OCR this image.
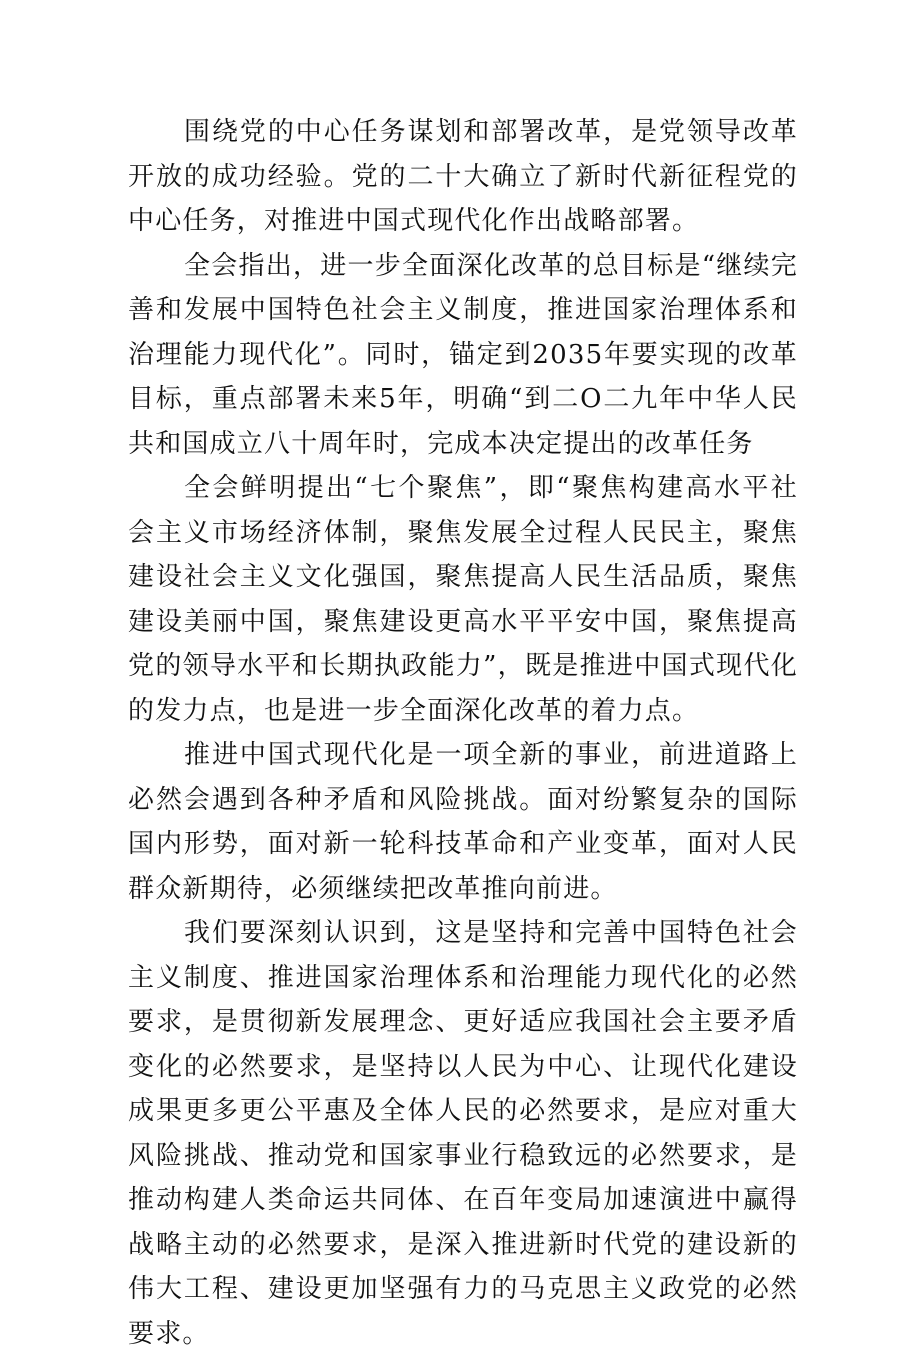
围绕党的中心任务谋划和部署改革，是党领导改革开放的成功经验。党的二十大确立了新时代新征程党的中心任务，对推进中国式现代化作出战略部署。

全会指出，进一步全面深化改革的总目标是“继续完善和发展中国特色社会主义制度，推进国家治理体系和治理能力现代化”。同时，锚定到2035年要实现的改革目标，重点部署未来5年，明确“到二O二九年中华人民共和国成立八十周年时，完成本决定提出的改革任务

全会鲜明提出“七个聚焦”，即“聚焦构建高水平社会主义市场经济体制，聚焦发展全过程人民民主，聚焦建设社会主义文化强国，聚焦提高人民生活品质，聚焦建设美丽中国，聚焦建设更高水平平安中国，聚焦提高党的领导水平和长期执政能力”，既是推进中国式现代化的发力点，也是进一步全面深化改革的着力点。

推进中国式现代化是一项全新的事业，前进道路上必然会遇到各种矛盾和风险挑战。面对纷繁复杂的国际国内形势，面对新一轮科技革命和产业变革，面对人民群众新期待，必须继续把改革推向前进。

我们要深刻认识到，这是坚持和完善中国特色社会主义制度、推进国家治理体系和治理能力现代化的必然要求，是贯彻新发展理念、更好适应我国社会主要矛盾变化的必然要求，是坚持以人民为中心、让现代化建设成果更多更公平惠及全体人民的必然要求，是应对重大风险挑战、推动党和国家事业行稳致远的必然要求，是推动构建人类命运共同体、在百年变局加速演进中赢得战略主动的必然要求，是深入推进新时代党的建设新的伟大工程、建设更加坚强有力的马克思主义政党的必然要求。
